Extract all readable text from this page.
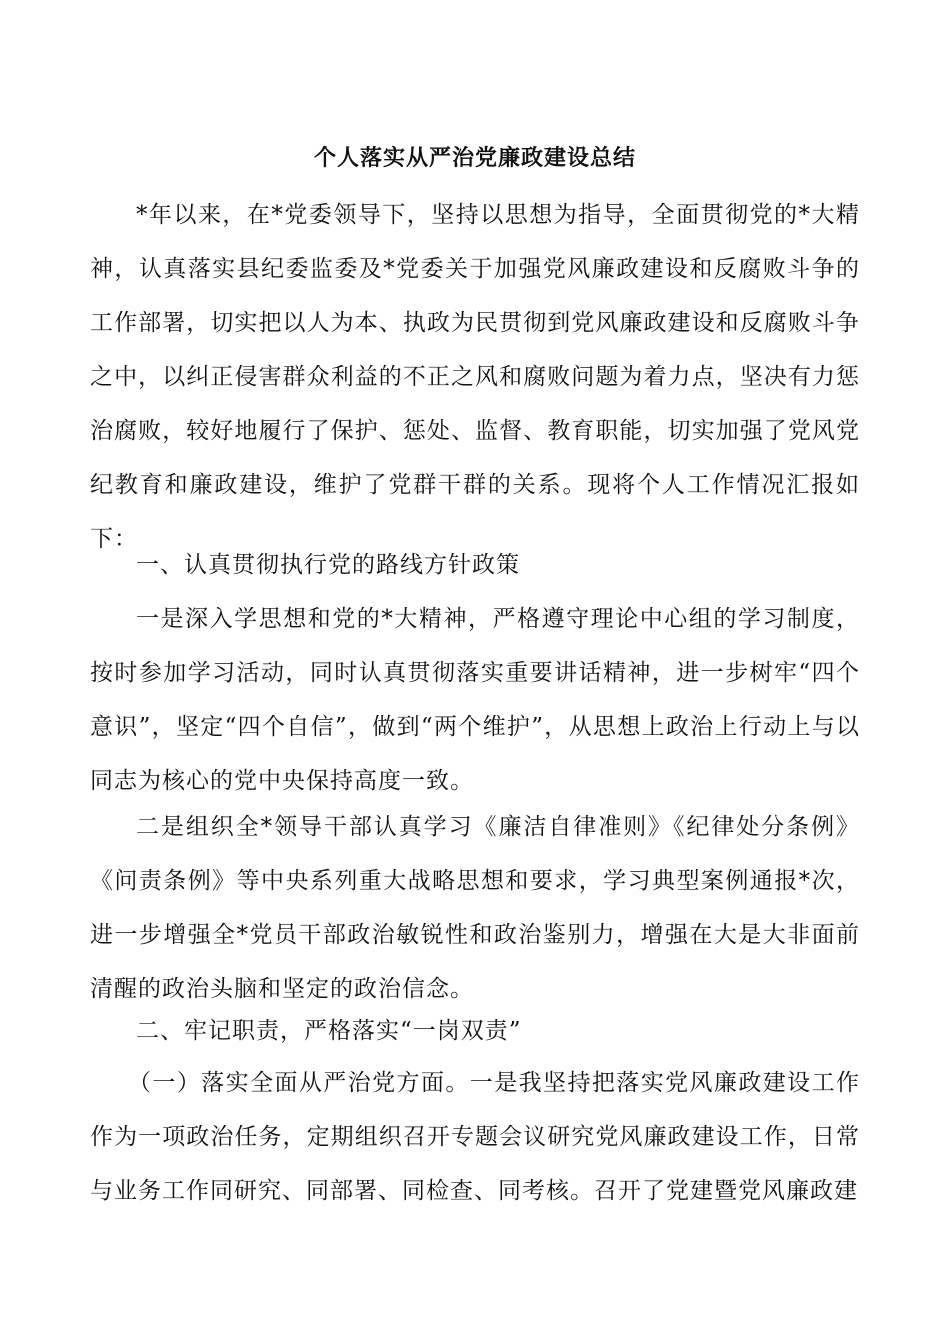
个人落实从严治党廉政建设总结

*年以来，在*党委领导下，坚持以思想为指导，全面贯彻党的*大精神，认真落实县纪委监委及*党委关于加强党风廉政建设和反腐败斗争的工作部署，切实把以人为本、执政为民贯彻到党风廉政建设和反腐败斗争之中，以纠正侵害群众利益的不正之风和腐败问题为着力点，坚决有力惩治腐败，较好地履行了保护、惩处、监督、教育职能，切实加强了党风党纪教育和廉政建设，维护了党群干群的关系。现将个人工作情况汇报如下：

一、认真贯彻执行党的路线方针政策

一是深入学思想和党的*大精神，严格遵守理论中心组的学习制度，按时参加学习活动，同时认真贯彻落实重要讲话精神，进一步树牢“四个意识”，坚定“四个自信”，做到“两个维护”，从思想上政治上行动上与以同志为核心的党中央保持高度一致。

二是组织全*领导干部认真学习《廉洁自律准则》《纪律处分条例》《问责条例》等中央系列重大战略思想和要求，学习典型案例通报*次，进一步增强全*党员干部政治敏锐性和政治鉴别力，增强在大是大非面前清醒的政治头脑和坚定的政治信念。

二、牢记职责，严格落实“一岗双责”

（一）落实全面从严治党方面。一是我坚持把落实党风廉政建设工作作为一项政治任务，定期组织召开专题会议研究党风廉政建设工作，日常与业务工作同研究、同部署、同检查、同考核。召开了党建暨党风廉政建
